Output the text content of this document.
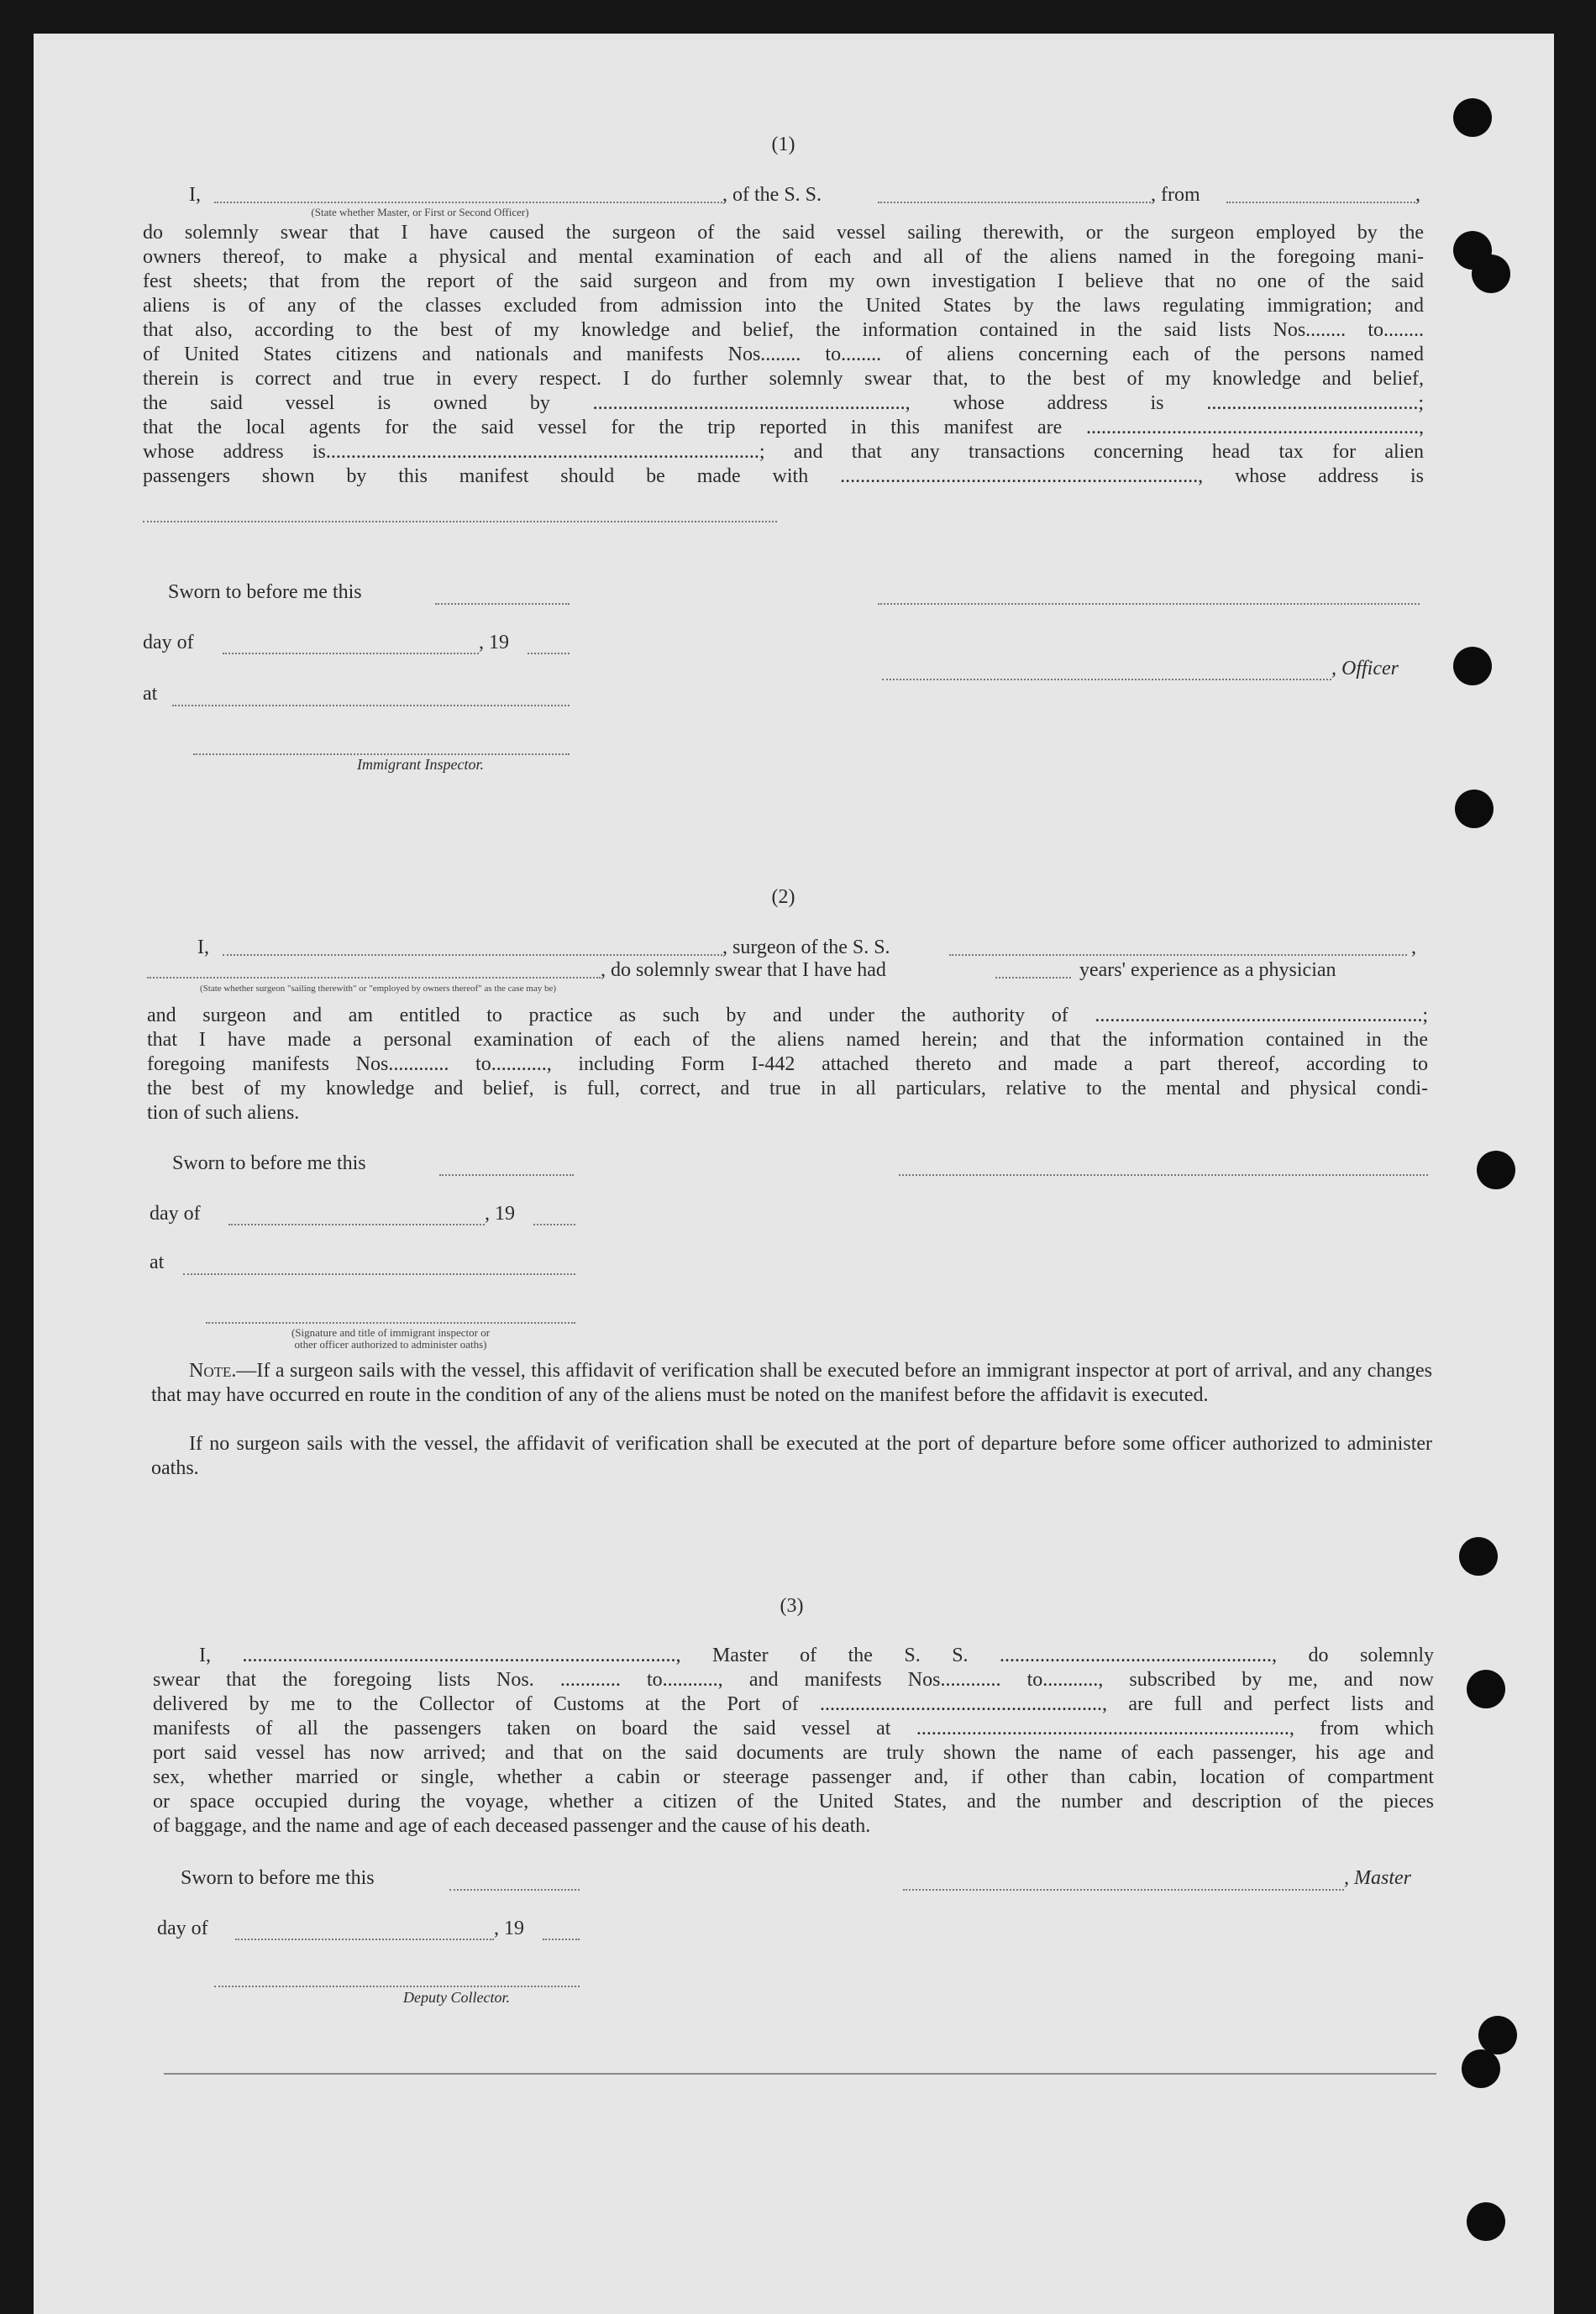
(1)
I,	, of the S. S.	, from	,
(State whether Master, or First or Second Officer)
do solemnly swear that I have caused the surgeon of the said vessel sailing therewith, or the surgeon employed by the
owners thereof, to make a physical and mental examination of each and all of the aliens named in the foregoing mani-
fest sheets; that from the report of the said surgeon and from my own investigation I believe that no one of the said
aliens is of any of the classes excluded from admission into the United States by the laws regulating immigration; and
that also, according to the best of my knowledge and belief, the information contained in the said lists Nos........ to........
of United States citizens and nationals and manifests Nos........ to........ of aliens concerning each of the persons named
therein is correct and true in every respect. I do further solemnly swear that, to the best of my knowledge and belief,
the said vessel is owned by .............................................................., whose address is ..........................................;
that the local agents for the said vessel for the trip reported in this manifest are ..................................................................,
whose address is......................................................................................; and that any transactions concerning head tax for alien
passengers shown by this manifest should be made with ......................................................................., whose address is
Sworn to before me this
day of	, 19
, Officer
at
Immigrant Inspector.
(2)
I,	, surgeon of the S. S.	,
, do solemnly swear that I have had	years' experience as a physician
(State whether surgeon "sailing therewith" or "employed by owners thereof" as the case may be)
and surgeon and am entitled to practice as such by and under the authority of .................................................................;
that I have made a personal examination of each of the aliens named herein; and that the information contained in the
foregoing manifests Nos............ to..........., including Form I-442 attached thereto and made a part thereof, according to
the best of my knowledge and belief, is full, correct, and true in all particulars, relative to the mental and physical condi-
tion of such aliens.
Sworn to before me this
day of	, 19
at
(Signature and title of immigrant inspector or
other officer authorized to administer oaths)
Note.—If a surgeon sails with the vessel, this affidavit of verification shall be executed before an immigrant inspector at port of arrival, and any changes that may have occurred en route in the condition of any of the aliens must be noted on the manifest before the affidavit is executed.
If no surgeon sails with the vessel, the affidavit of verification shall be executed at the port of departure before some officer authorized to administer oaths.
(3)
I, ......................................................................................, Master of the S. S. ......................................................, do solemnly
swear that the foregoing lists Nos. ............ to..........., and manifests Nos............ to..........., subscribed by me, and now
delivered by me to the Collector of Customs at the Port of ........................................................, are full and perfect lists and
manifests of all the passengers taken on board the said vessel at .........................................................................., from which
port said vessel has now arrived; and that on the said documents are truly shown the name of each passenger, his age and
sex, whether married or single, whether a cabin or steerage passenger and, if other than cabin, location of compartment
or space occupied during the voyage, whether a citizen of the United States, and the number and description of the pieces
of baggage, and the name and age of each deceased passenger and the cause of his death.
Sworn to before me this	, Master
day of	, 19
Deputy Collector.
